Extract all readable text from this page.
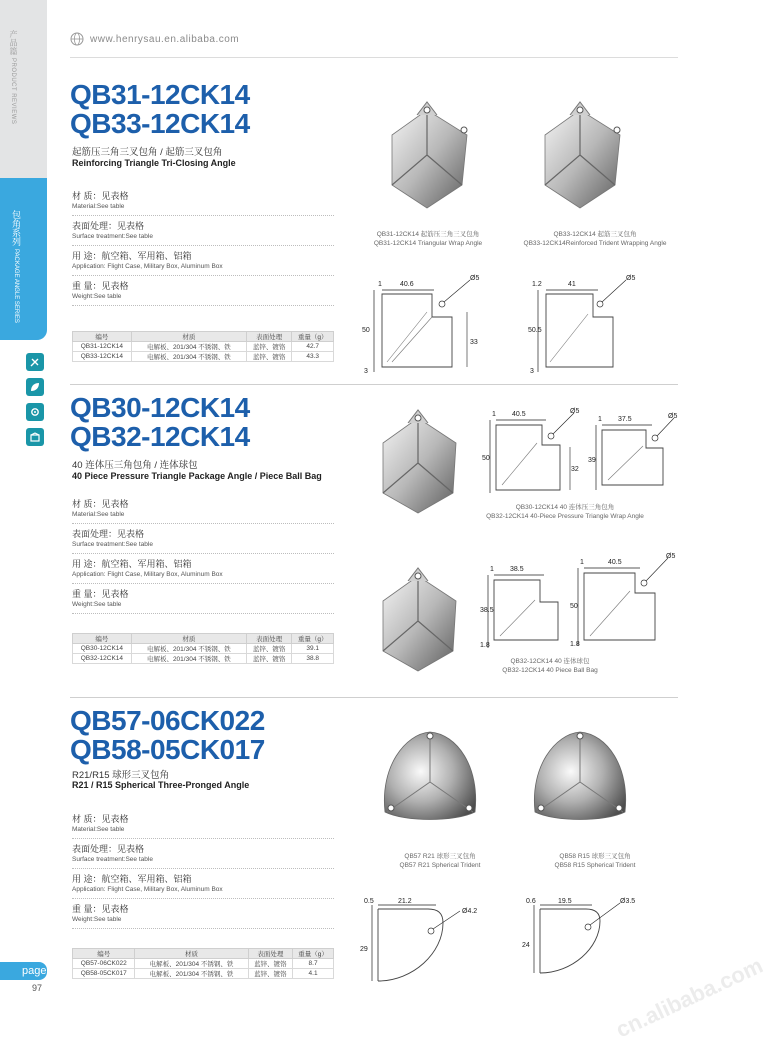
产品篇 PRODUCT REVIEWS
包角系列 PACKAGE ANGLE SERIES
page
97
www.henrysau.en.alibaba.com
QB31-12CK14
QB33-12CK14
起筋压三角三叉包角 / 起筋三叉包角
Reinforcing Triangle Tri-Closing Angle
材 质：见表格
Material:See table
表面处理：见表格
Surface treatment:See table
用 途：航空箱、军用箱、铝箱
Application: Flight Case, Military Box, Aluminum Box
重 量：见表格
Weight:See table
编号	材质	表面处理	重量（g）
QB31-12CK14	电解板、201/304 不锈钢、铁	蓝锌、镀铬	42.7
QB33-12CK14	电解板、201/304 不锈钢、铁	蓝锌、镀铬	43.3
QB31-12CK14 起筋压三角三叉包角
QB31-12CK14 Triangular Wrap Angle
QB33-12CK14 起筋三叉包角
QB33-12CK14Reinforced Trident Wrapping Angle
1	40.6
Ø5
50
33
3
1.2	41
Ø5
50.5
3
QB30-12CK14
QB32-12CK14
40 连体压三角包角 / 连体球包
40 Piece Pressure Triangle Package Angle / Piece Ball Bag
材 质：见表格
Material:See table
表面处理：见表格
Surface treatment:See table
用 途：航空箱、军用箱、铝箱
Application: Flight Case, Military Box, Aluminum Box
重 量：见表格
Weight:See table
编号	材质	表面处理	重量（g）
QB30-12CK14	电解板、201/304 不锈钢、铁	蓝锌、镀铬	39.1
QB32-12CK14	电解板、201/304 不锈钢、铁	蓝锌、镀铬	38.8
1 40.5	Ø5
50
32
1 37.5	Ø5
39
QB30-12CK14 40 连体压三角包角
QB32-12CK14 40-Piece Pressure Triangle Wrap Angle
1 38.5
38.5
1.8
1	40.5
Ø5
50
1.8
QB32-12CK14 40 连体球包
QB32-12CK14 40 Piece Ball Bag
QB57-06CK022
QB58-05CK017
R21/R15 球形三叉包角
R21 / R15 Spherical Three-Pronged Angle
材 质：见表格
Material:See table
表面处理：见表格
Surface treatment:See table
用 途：航空箱、军用箱、铝箱
Application: Flight Case, Military Box, Aluminum Box
重 量：见表格
Weight:See table
编号	材质	表面处理	重量（g）
QB57-06CK022	电解板、201/304 不锈钢、铁	蓝锌、镀铬	8.7
QB58-05CK017	电解板、201/304 不锈钢、铁	蓝锌、镀铬	4.1
QB57 R21 球形三叉包角
QB57 R21 Spherical Trident
QB58 R15 球形三叉包角
QB58 R15 Spherical Trident
0.5	21.2
Ø4.2
29
0.6	19.5	Ø3.5
24
cn.alibaba.com
